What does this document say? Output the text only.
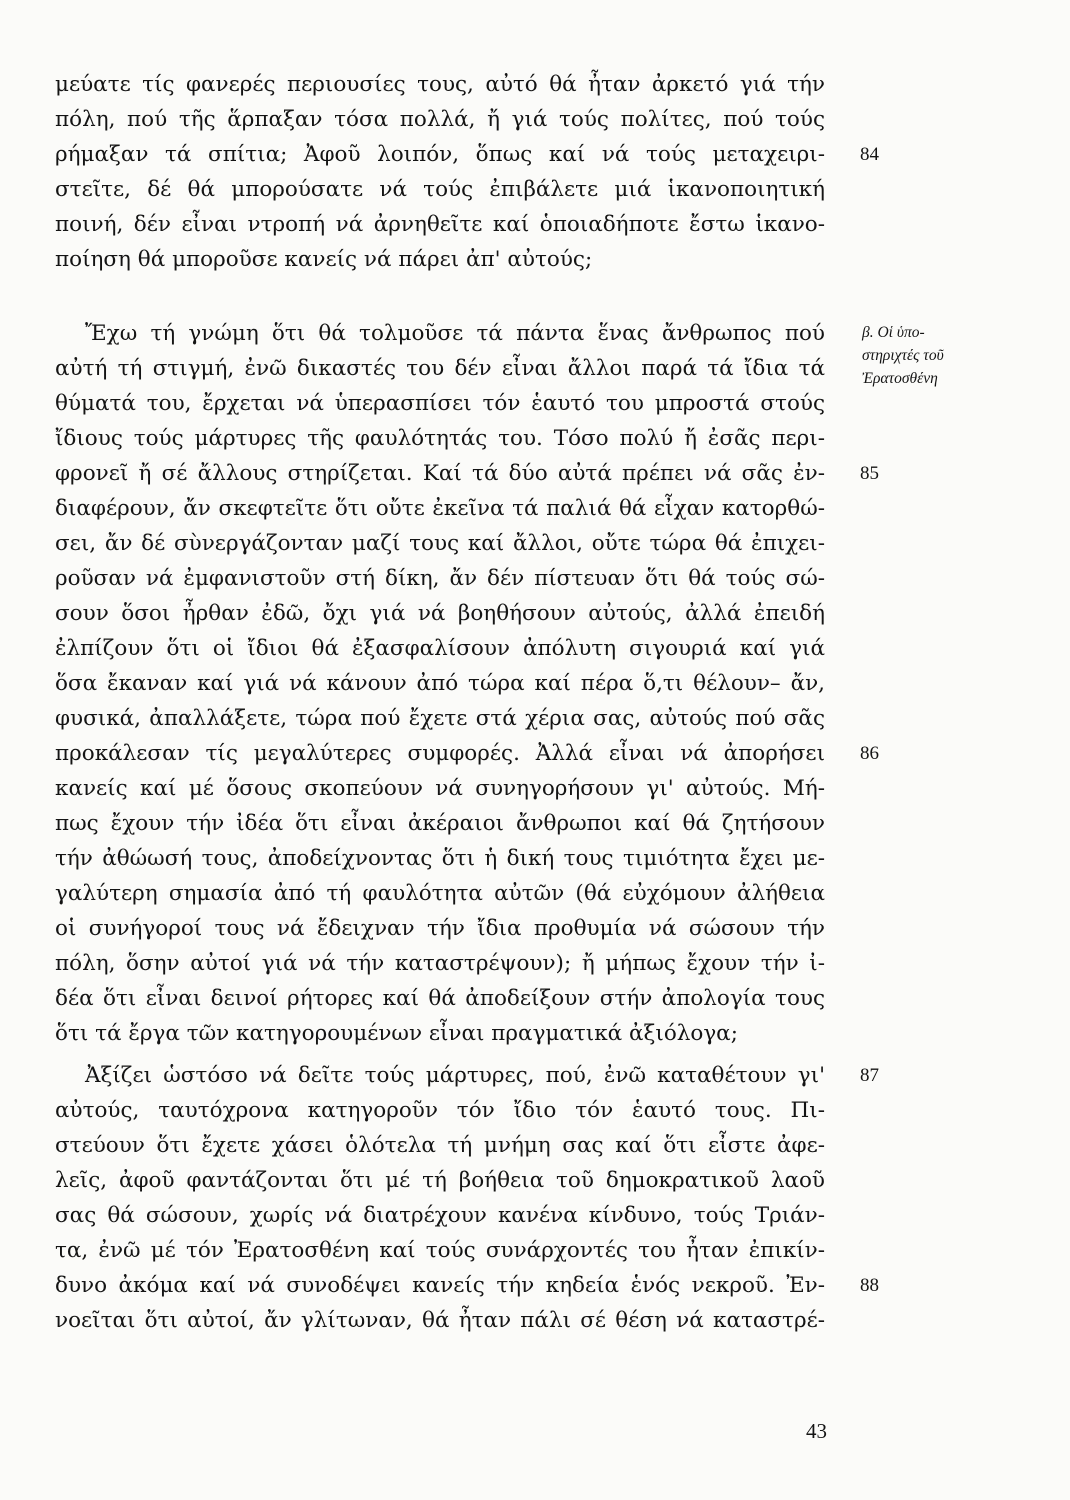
μεύατε τίς φανερές περιουσίες τους, αὐτό θά ἦταν ἀρκετό γιά τήν
πόλη, πού τῆς ἅρπαξαν τόσα πολλά, ἤ γιά τούς πολίτες, πού τούς
ρήμαξαν τά σπίτια; Ἀφοῦ λοιπόν, ὅπως καί νά τούς μεταχειρι-
στεῖτε, δέ θά μπορούσατε νά τούς ἐπιβάλετε μιά ἱκανοποιητική
ποινή, δέν εἶναι ντροπή νά ἀρνηθεῖτε καί ὁποιαδήποτε ἔστω ἱκανο-
ποίηση θά μποροῦσε κανείς νά πάρει ἀπ' αὐτούς;
Ἔχω τή γνώμη ὅτι θά τολμοῦσε τά πάντα ἕνας ἄνθρωπος πού
αὐτή τή στιγμή, ἐνῶ δικαστές του δέν εἶναι ἄλλοι παρά τά ἴδια τά
θύματά του, ἔρχεται νά ὑπερασπίσει τόν ἑαυτό του μπροστά στούς
ἴδιους τούς μάρτυρες τῆς φαυλότητάς του. Τόσο πολύ ἤ ἐσᾶς περι-
φρονεῖ ἤ σέ ἄλλους στηρίζεται. Καί τά δύο αὐτά πρέπει νά σᾶς ἐν-
διαφέρουν, ἄν σκεφτεῖτε ὅτι οὔτε ἐκεῖνα τά παλιά θά εἶχαν κατορθώ-
σει, ἄν δέ σὺνεργάζονταν μαζί τους καί ἄλλοι, οὔτε τώρα θά ἐπιχει-
ροῦσαν νά ἐμφανιστοῦν στή δίκη, ἄν δέν πίστευαν ὅτι θά τούς σώ-
σουν ὅσοι ἦρθαν ἐδῶ, ὄχι γιά νά βοηθήσουν αὐτούς, ἀλλά ἐπειδή
ἐλπίζουν ὅτι οἱ ἴδιοι θά ἐξασφαλίσουν ἀπόλυτη σιγουριά καί γιά
ὅσα ἔκαναν καί γιά νά κάνουν ἀπό τώρα καί πέρα ὅ,τι θέλουν– ἄν,
φυσικά, ἀπαλλάξετε, τώρα πού ἔχετε στά χέρια σας, αὐτούς πού σᾶς
προκάλεσαν τίς μεγαλύτερες συμφορές. Ἀλλά εἶναι νά ἀπορήσει
κανείς καί μέ ὅσους σκοπεύουν νά συνηγορήσουν γι' αὐτούς. Μή-
πως ἔχουν τήν ἰδέα ὅτι εἶναι ἀκέραιοι ἄνθρωποι καί θά ζητήσουν
τήν ἀθώωσή τους, ἀποδείχνοντας ὅτι ἡ δική τους τιμιότητα ἔχει με-
γαλύτερη σημασία ἀπό τή φαυλότητα αὐτῶν (θά εὐχόμουν ἀλήθεια
οἱ συνήγοροί τους νά ἔδειχναν τήν ἴδια προθυμία νά σώσουν τήν
πόλη, ὅσην αὐτοί γιά νά τήν καταστρέψουν); ἤ μήπως ἔχουν τήν ἰ-
δέα ὅτι εἶναι δεινοί ρήτορες καί θά ἀποδείξουν στήν ἀπολογία τους
ὅτι τά ἔργα τῶν κατηγορουμένων εἶναι πραγματικά ἀξιόλογα;
Ἀξίζει ὡστόσο νά δεῖτε τούς μάρτυρες, πού, ἐνῶ καταθέτουν γι'
αὐτούς, ταυτόχρονα κατηγοροῦν τόν ἴδιο τόν ἑαυτό τους. Πι-
στεύουν ὅτι ἔχετε χάσει ὁλότελα τή μνήμη σας καί ὅτι εἶστε ἀφε-
λεῖς, ἀφοῦ φαντάζονται ὅτι μέ τή βοήθεια τοῦ δημοκρατικοῦ λαοῦ
σας θά σώσουν, χωρίς νά διατρέχουν κανένα κίνδυνο, τούς Τριάν-
τα, ἐνῶ μέ τόν Ἐρατοσθένη καί τούς συνάρχοντές του ἦταν ἐπικίν-
δυνο ἀκόμα καί νά συνοδέψει κανείς τήν κηδεία ἑνός νεκροῦ. Ἐν-
νοεῖται ὅτι αὐτοί, ἄν γλίτωναν, θά ἦταν πάλι σέ θέση νά καταστρέ-
84
85
86
87
88
β. Οἱ ὑπο-
στηριχτές τοῦ
Ἐρατοσθένη
43
